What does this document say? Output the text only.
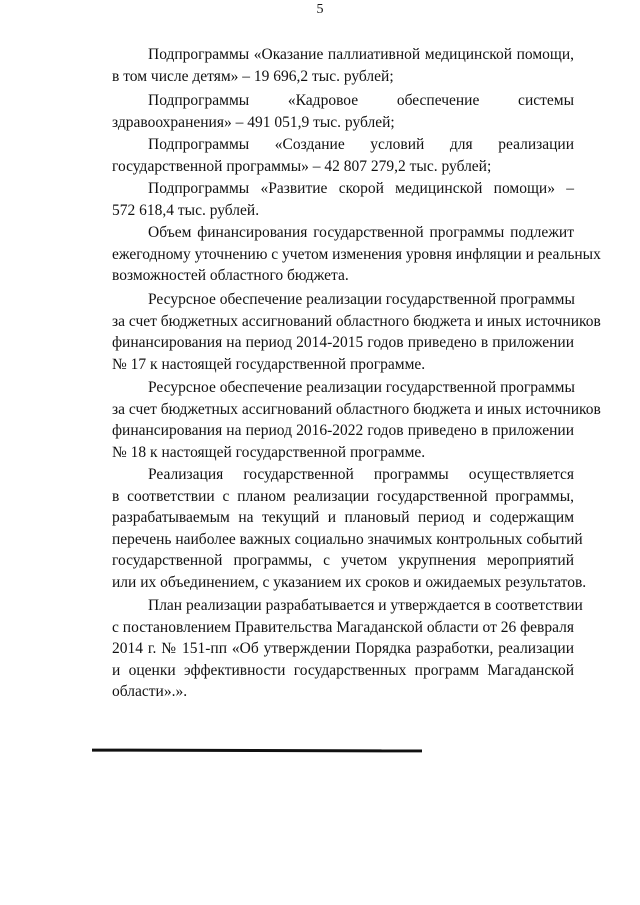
5
Подпрограммы «Оказание паллиативной медицинской помощи,
в том числе детям» – 19 696,2 тыс. рублей;
Подпрограммы «Кадровое обеспечение системы
здравоохранения» – 491 051,9 тыс. рублей;
Подпрограммы «Создание условий для реализации
государственной программы» – 42 807 279,2 тыс. рублей;
Подпрограммы «Развитие скорой медицинской помощи» –
572 618,4 тыс. рублей.
Объем финансирования государственной программы подлежит
ежегодному уточнению с учетом изменения уровня инфляции и реальных
возможностей областного бюджета.
Ресурсное обеспечение реализации государственной программы
за счет бюджетных ассигнований областного бюджета и иных источников
финансирования на период 2014-2015 годов приведено в приложении
№ 17 к настоящей государственной программе.
Ресурсное обеспечение реализации государственной программы
за счет бюджетных ассигнований областного бюджета и иных источников
финансирования на период 2016-2022 годов приведено в приложении
№ 18 к настоящей государственной программе.
Реализация государственной программы осуществляется
в соответствии с планом реализации государственной программы,
разрабатываемым на текущий и плановый период и содержащим
перечень наиболее важных социально значимых контрольных событий
государственной программы, с учетом укрупнения мероприятий
или их объединением, с указанием их сроков и ожидаемых результатов.
План реализации разрабатывается и утверждается в соответствии
с постановлением Правительства Магаданской области от 26 февраля
2014 г. № 151-пп «Об утверждении Порядка разработки, реализации
и оценки эффективности государственных программ Магаданской
области».».
